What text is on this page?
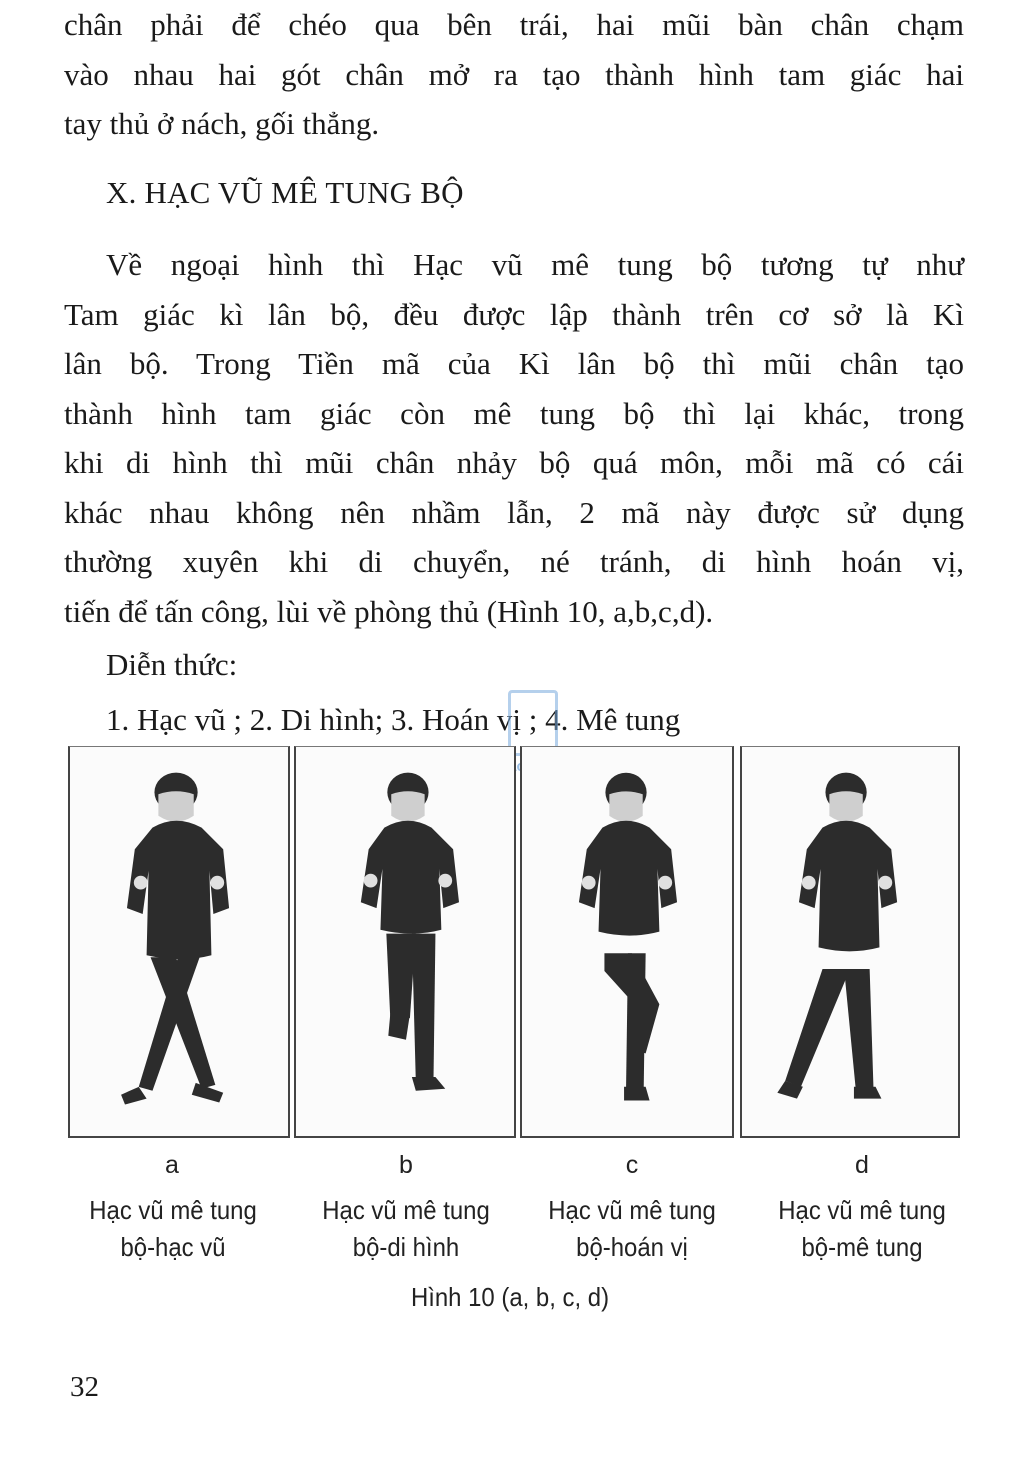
chân phải để chéo qua bên trái, hai mũi bàn chân chạm
vào nhau hai gót chân mở ra tạo thành hình tam giác hai
tay thủ ở nách, gối thẳng.

X. HẠC VŨ MÊ TUNG BỘ

Về ngoại hình thì Hạc vũ mê tung bộ tương tự như
Tam giác kì lân bộ, đều được lập thành trên cơ sở là Kì
lân bộ. Trong Tiền mã của Kì lân bộ thì mũi chân tạo
thành hình tam giác còn mê tung bộ thì lại khác, trong
khi di hình thì mũi chân nhảy bộ quá môn, mỗi mã có cái
khác nhau không nên nhầm lẫn, 2 mã này được sử dụng
thường xuyên khi di chuyển, né tránh, di hình hoán vị,
tiến để tấn công, lùi về phòng thủ (Hình 10, a,b,c,d).

Diễn thức:

1. Hạc vũ ; 2. Di hình; 3. Hoán vị ; 4. Mê tung

a	b	c	d
Hạc vũ mê tung
bộ-hạc vũ
Hạc vũ mê tung
bộ-di hình
Hạc vũ mê tung
bộ-hoán vị
Hạc vũ mê tung
bộ-mê tung
Hình 10 (a, b, c, d)
32
